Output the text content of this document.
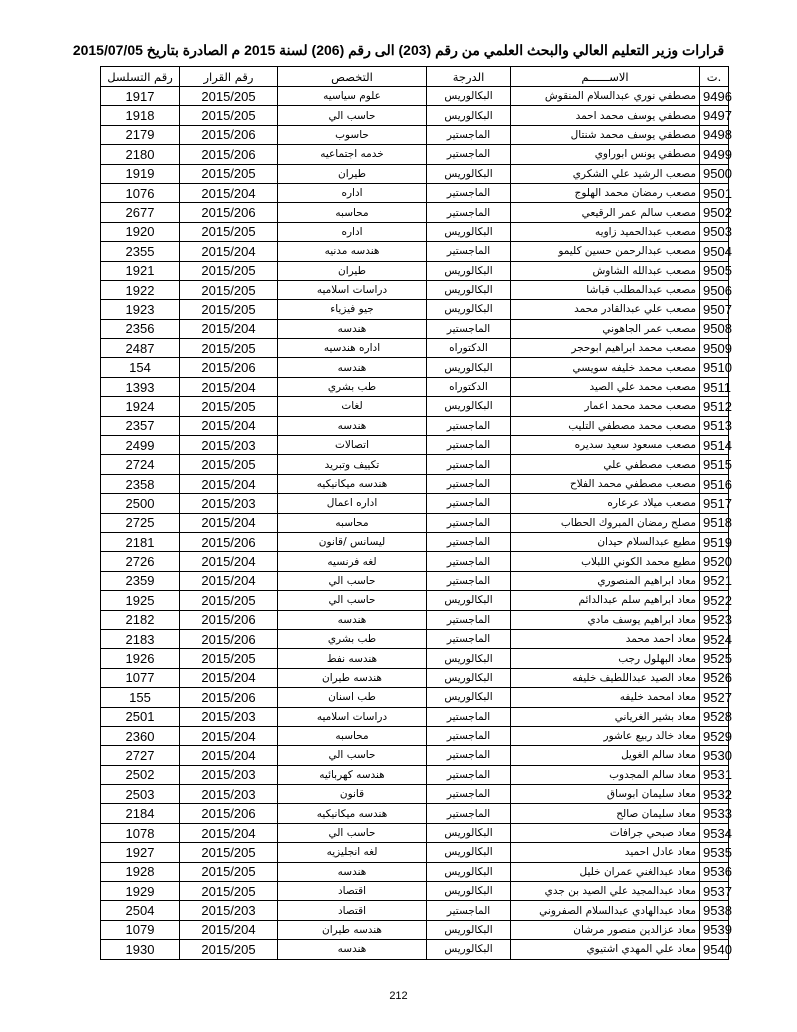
قرارات وزير التعليم العالي والبحث العلمي من رقم (203) الى رقم (206) لسنة 2015 م الصادرة بتاريخ 2015/07/05
رقم التسلسل	رقم القرار	التخصص	الدرجة	الاســــــم	ت.
1917	2015/205	علوم سياسيه	البكالوريس	مصطفي نوري عبدالسلام المنقوش	9496
1918	2015/205	حاسب الي	البكالوريس	مصطفي يوسف محمد احمد	9497
2179	2015/206	حاسوب	الماجستير	مصطفي يوسف محمد شنتال	9498
2180	2015/206	خدمه اجتماعيه	الماجستير	مصطفي يونس ابوراوي	9499
1919	2015/205	طيران	البكالوريس	مصعب الرشيد علي الشكري	9500
1076	2015/204	اداره	الماجستير	مصعب رمضان محمد الهلوج	9501
2677	2015/206	محاسبه	الماجستير	مصعب سالم عمر الرقيعي	9502
1920	2015/205	اداره	البكالوريس	مصعب عبدالحميد زاويه	9503
2355	2015/204	هندسه مدنيه	الماجستير	مصعب عبدالرحمن حسين كليمو	9504
1921	2015/205	طيران	البكالوريس	مصعب عبدالله الشاوش	9505
1922	2015/205	دراسات اسلاميه	البكالوريس	مصعب عبدالمطلب قباشا	9506
1923	2015/205	جيو فيزياء	البكالوريس	مصعب علي عبدالقادر محمد	9507
2356	2015/204	هندسه	الماجستير	مصعب عمر الجاهوني	9508
2487	2015/205	اداره هندسيه	الدكتوراه	مصعب محمد ابراهيم ابوحجر	9509
154	2015/206	هندسه	البكالوريس	مصعب محمد خليفه سويسي	9510
1393	2015/204	طب بشري	الدكتوراه	مصعب محمد علي الصيد	9511
1924	2015/205	لغات	البكالوريس	مصعب محمد محمد اعمار	9512
2357	2015/204	هندسه	الماجستير	مصعب محمد مصطفي التليب	9513
2499	2015/203	اتصالات	الماجستير	مصعب مسعود سعيد سديره	9514
2724	2015/205	تكييف وتبريد	الماجستير	مصعب مصطفي علي	9515
2358	2015/204	هندسه ميكانيكيه	الماجستير	مصعب مصطفي محمد الفلاح	9516
2500	2015/203	اداره اعمال	الماجستير	مصعب ميلاد عرعاره	9517
2725	2015/204	محاسبه	الماجستير	مصلح رمضان المبروك الحطاب	9518
2181	2015/206	ليسانس /قانون	الماجستير	مطيع عبدالسلام حيدان	9519
2726	2015/204	لغه فرنسيه	الماجستير	مطيع محمد الكوني اللبلاب	9520
2359	2015/204	حاسب الي	الماجستير	معاد ابراهيم المنصوري	9521
1925	2015/205	حاسب الي	البكالوريس	معاد ابراهيم سلم عبدالدائم	9522
2182	2015/206	هندسه	الماجستير	معاد ابراهيم يوسف مادي	9523
2183	2015/206	طب بشري	الماجستير	معاد احمد محمد	9524
1926	2015/205	هندسه نفط	البكالوريس	معاد البهلول رجب	9525
1077	2015/204	هندسه طيران	البكالوريس	معاد الصيد عبداللطيف خليفه	9526
155	2015/206	طب اسنان	البكالوريس	معاد امحمد خليفه	9527
2501	2015/203	دراسات اسلاميه	الماجستير	معاد بشير الغرياني	9528
2360	2015/204	محاسبه	الماجستير	معاد خالد ربيع عاشور	9529
2727	2015/204	حاسب الي	الماجستير	معاد سالم الغويل	9530
2502	2015/203	هندسه كهربائيه	الماجستير	معاد سالم المجدوب	9531
2503	2015/203	قانون	الماجستير	معاد سليمان ابوساق	9532
2184	2015/206	هندسه ميكانيكيه	الماجستير	معاد سليمان صالح	9533
1078	2015/204	حاسب الي	البكالوريس	معاد صبحي جرافات	9534
1927	2015/205	لغه انجليزيه	البكالوريس	معاد عادل احميد	9535
1928	2015/205	هندسه	البكالوريس	معاد عبدالغني عمران خليل	9536
1929	2015/205	اقتصاد	البكالوريس	معاد عبدالمجيد علي الصيد بن جدي	9537
2504	2015/203	اقتصاد	الماجستير	معاد عبدالهادي عبدالسلام الصفروني	9538
1079	2015/204	هندسه طيران	البكالوريس	معاد عزالدين منصور مرشان	9539
1930	2015/205	هندسه	البكالوريس	معاد علي المهدي اشتيوي	9540
212
